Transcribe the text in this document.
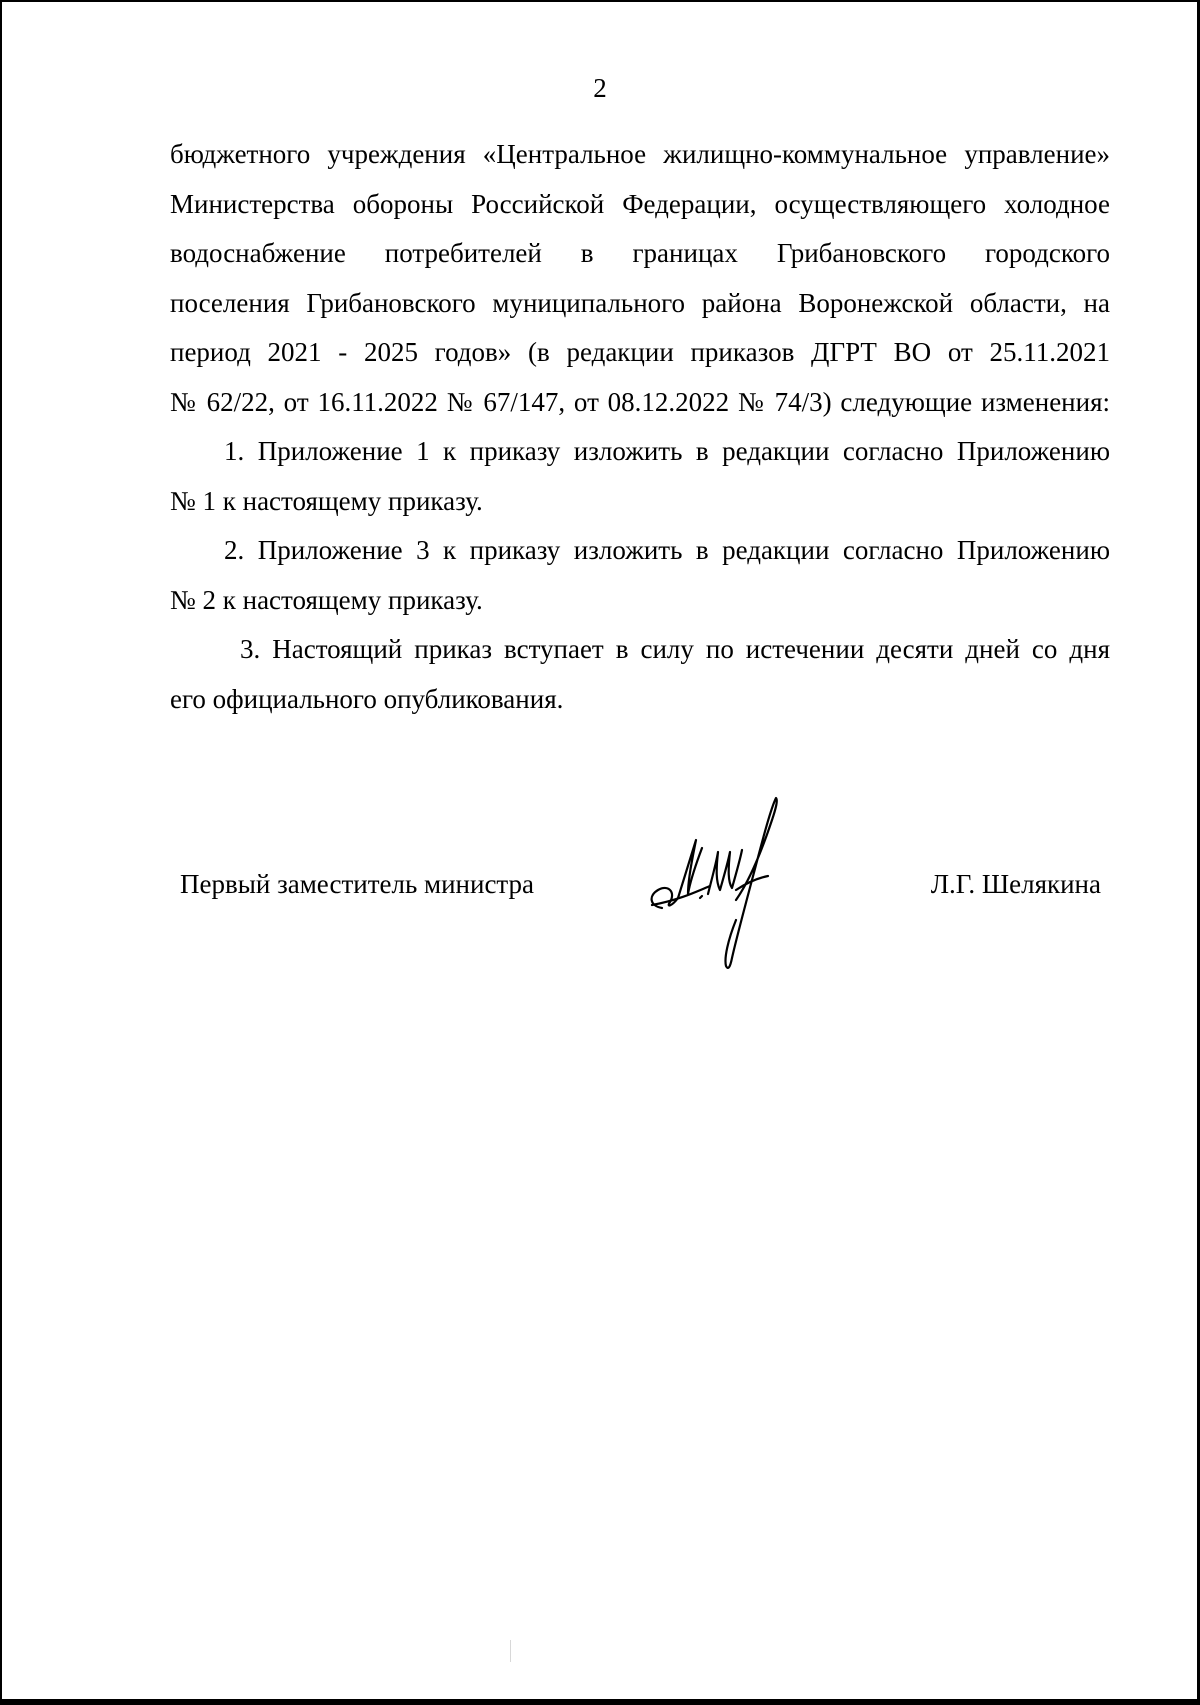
2
бюджетного учреждения «Центральное жилищно-коммунальное управление»
Министерства обороны Российской Федерации, осуществляющего холодное
водоснабжение потребителей в границах Грибановского городского
поселения Грибановского муниципального района Воронежской области, на
период 2021 - 2025 годов» (в редакции приказов ДГРТ ВО от 25.11.2021
№ 62/22, от 16.11.2022 № 67/147, от 08.12.2022 № 74/3) следующие изменения:
1. Приложение 1 к приказу изложить в редакции согласно Приложению
№ 1 к настоящему приказу.
2. Приложение 3 к приказу изложить в редакции согласно Приложению
№ 2 к настоящему приказу.
3. Настоящий приказ вступает в силу по истечении десяти дней со дня
его официального опубликования.
Первый заместитель министра	Л.Г. Шелякина
